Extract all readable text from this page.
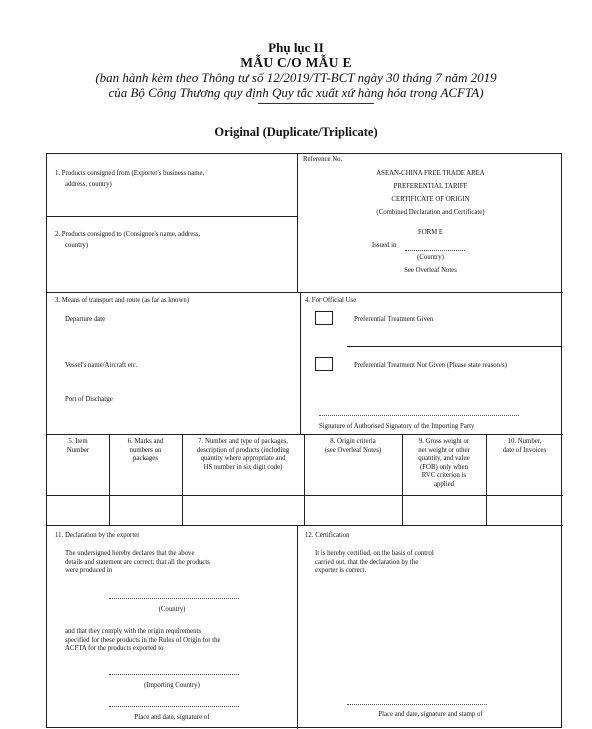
Phụ lục II
MẪU C/O MẪU E
(ban hành kèm theo Thông tư số 12/2019/TT-BCT ngày 30 tháng 7 năm 2019
của Bộ Công Thương quy định Quy tắc xuất xứ hàng hóa trong ACFTA)
Original (Duplicate/Triplicate)
1. Products consigned from (Exporter's business name,
address, country)
2. Products consigned to (Consignee's name, address,
country)
Reference No.
ASEAN-CHINA FREE TRADE AREA
PREFERENTIAL TARIFF
CERTIFICATE OF ORIGIN
(Combined Declaration and Certificate)
FORM E
Issued in
(Country)
See Overleaf Notes
3. Means of transport and route (as far as known)
Departure date
Vessel's name/Aircraft etc.
Port of Discharge
4. For Official Use
Preferential Treatment Given
Preferential Treatment Not Given (Please state reason/s)
Signature of Authorised Signatory of the Importing Party
5. Item
Number
6. Marks and
numbers on
packages
7. Number and type of packages,
description of products (including
quantity where appropriate and
HS number in six digit code)
8. Origin criteria
(see Overleaf Notes)
9. Gross weight or
net weight or other
quantity, and value
(FOB) only when
RVC criterion is
applied
10. Number,
date of Invoices
11. Declaration by the exporter
The undersigned hereby declares that the above
details and statement are correct; that all the products
were produced in
(Country)
and that they comply with the origin requirements
specified for these products in the Rules of Origin for the
ACFTA for the products exported to
(Importing Country)
Place and date, signature of
12. Certification
It is hereby certified, on the basis of control
carried out, that the declaration by the
exporter is correct.
Place and date, signature and stamp of
